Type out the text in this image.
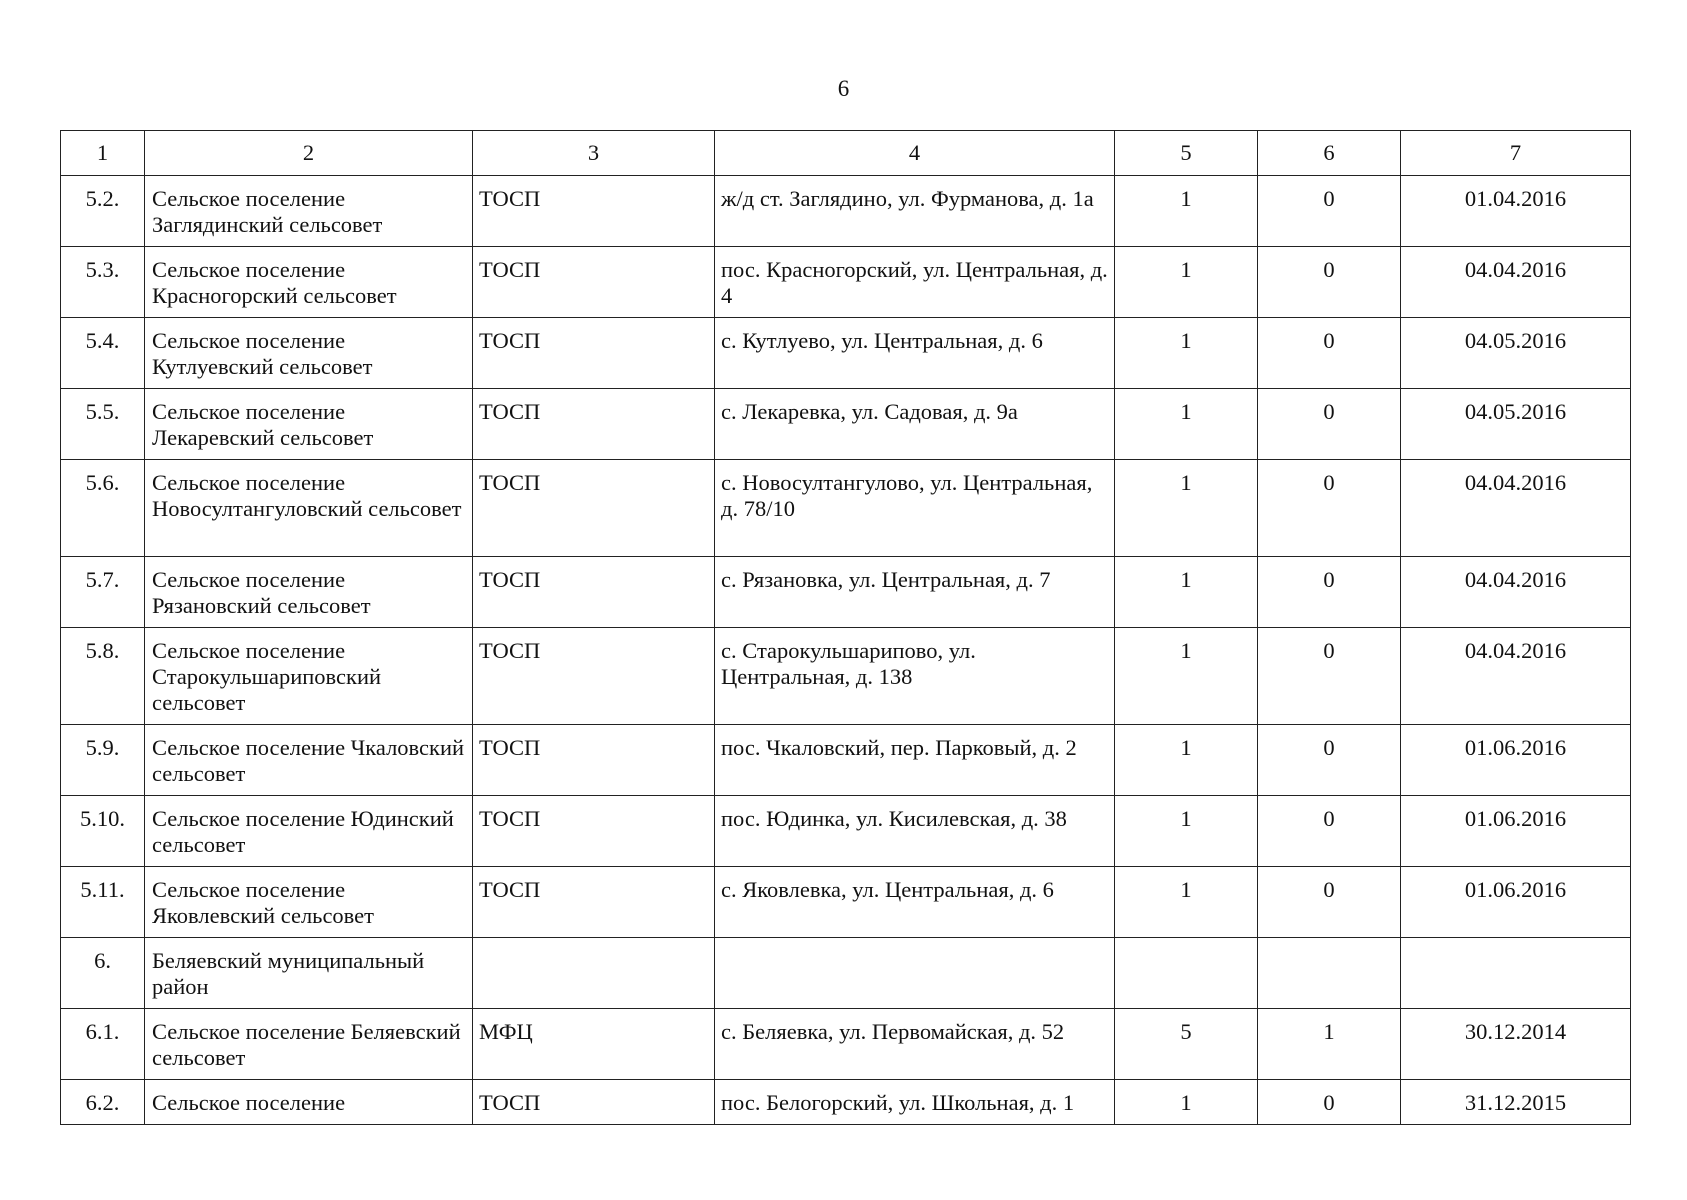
6
1	2	3	4	5	6	7
5.2.	Сельское поселение Заглядинский сельсовет	ТОСП	ж/д ст. Заглядино, ул. Фурманова, д. 1а	1	0	01.04.2016
5.3.	Сельское поселение Красногорский сельсовет	ТОСП	пос. Красногорский, ул. Центральная, д. 4	1	0	04.04.2016
5.4.	Сельское поселение Кутлуевский сельсовет	ТОСП	с. Кутлуево, ул. Центральная, д. 6	1	0	04.05.2016
5.5.	Сельское поселение Лекаревский сельсовет	ТОСП	с. Лекаревка, ул. Садовая, д. 9а	1	0	04.05.2016
5.6.	Сельское поселение Новосултангуловский сельсовет	ТОСП	с. Новосултангулово, ул. Центральная, д. 78/10	1	0	04.04.2016
5.7.	Сельское поселение Рязановский сельсовет	ТОСП	с. Рязановка, ул. Центральная, д. 7	1	0	04.04.2016
5.8.	Сельское поселение Старокульшариповский сельсовет	ТОСП	с. Старокульшарипово, ул. Центральная, д. 138	1	0	04.04.2016
5.9.	Сельское поселение Чкаловский сельсовет	ТОСП	пос. Чкаловский, пер. Парковый, д. 2	1	0	01.06.2016
5.10.	Сельское поселение Юдинский сельсовет	ТОСП	пос. Юдинка, ул. Кисилевская, д. 38	1	0	01.06.2016
5.11.	Сельское поселение Яковлевский сельсовет	ТОСП	с. Яковлевка, ул. Центральная, д. 6	1	0	01.06.2016
6.	Беляевский муниципальный район					
6.1.	Сельское поселение Беляевский сельсовет	МФЦ	с. Беляевка, ул. Первомайская, д. 52	5	1	30.12.2014
6.2.	Сельское поселение	ТОСП	пос. Белогорский, ул. Школьная, д. 1	1	0	31.12.2015
